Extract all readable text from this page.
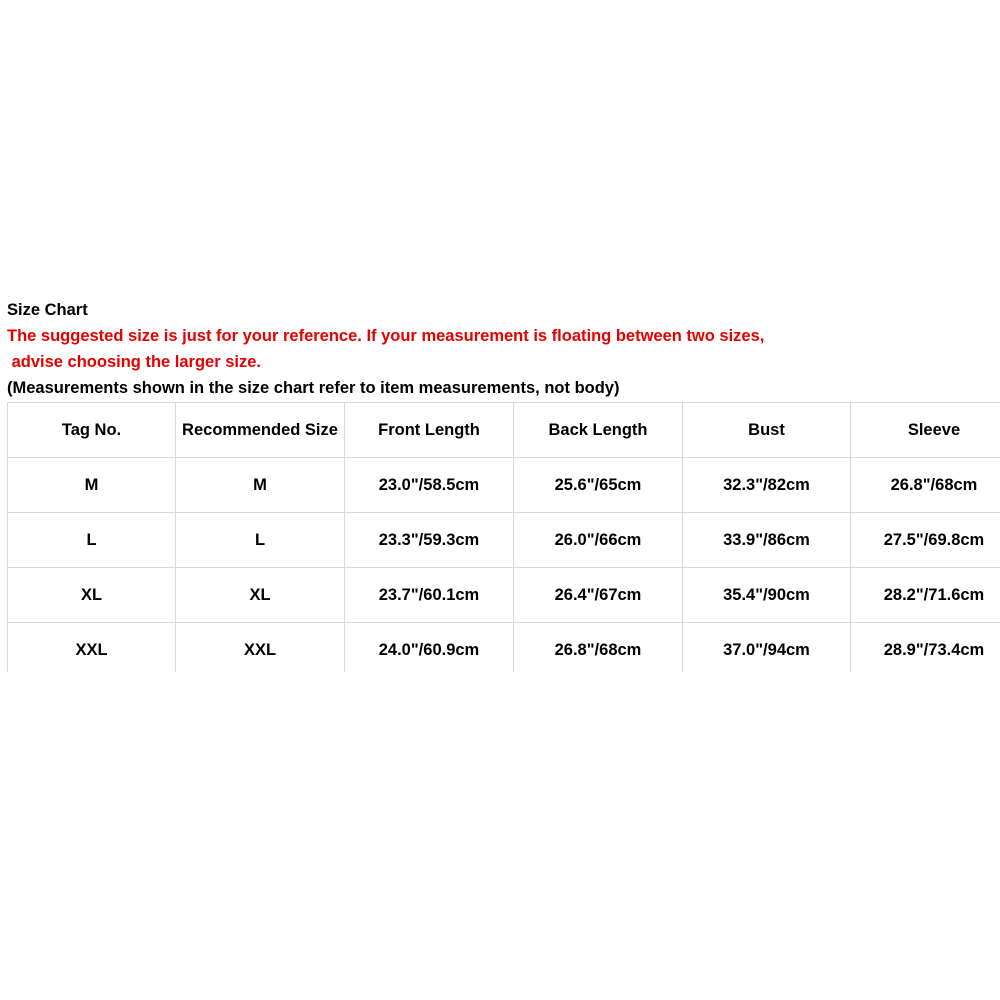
Size Chart
The suggested size is just for your reference. If your measurement is floating between two sizes,
advise choosing the larger size.
(Measurements shown in the size chart refer to item measurements, not body)
Tag No.	Recommended Size	Front Length	Back Length	Bust	Sleeve
M	M	23.0"/58.5cm	25.6"/65cm	32.3"/82cm	26.8"/68cm
L	L	23.3"/59.3cm	26.0"/66cm	33.9"/86cm	27.5"/69.8cm
XL	XL	23.7"/60.1cm	26.4"/67cm	35.4"/90cm	28.2"/71.6cm
XXL	XXL	24.0"/60.9cm	26.8"/68cm	37.0"/94cm	28.9"/73.4cm
